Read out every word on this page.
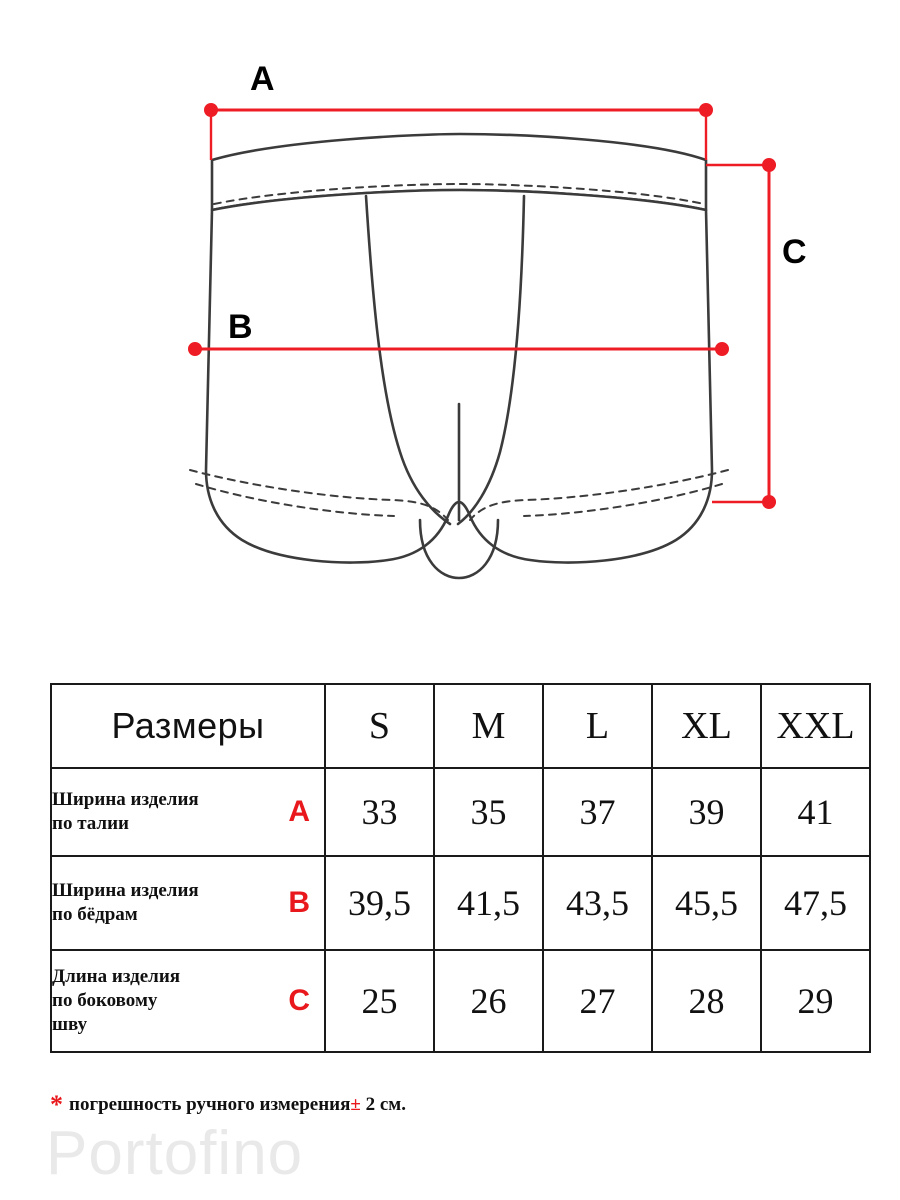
A
B
C
Размеры	S	M	L	XL	XXL

Ширина изделия
по талии A	33	35	37	39	41

Ширина изделия
по бёдрам B	39,5	41,5	43,5	45,5	47,5

Длина изделия
по боковому
шву
C	25	26	27	28	29
* погрешность ручного измерения± 2 см.
Portofino
